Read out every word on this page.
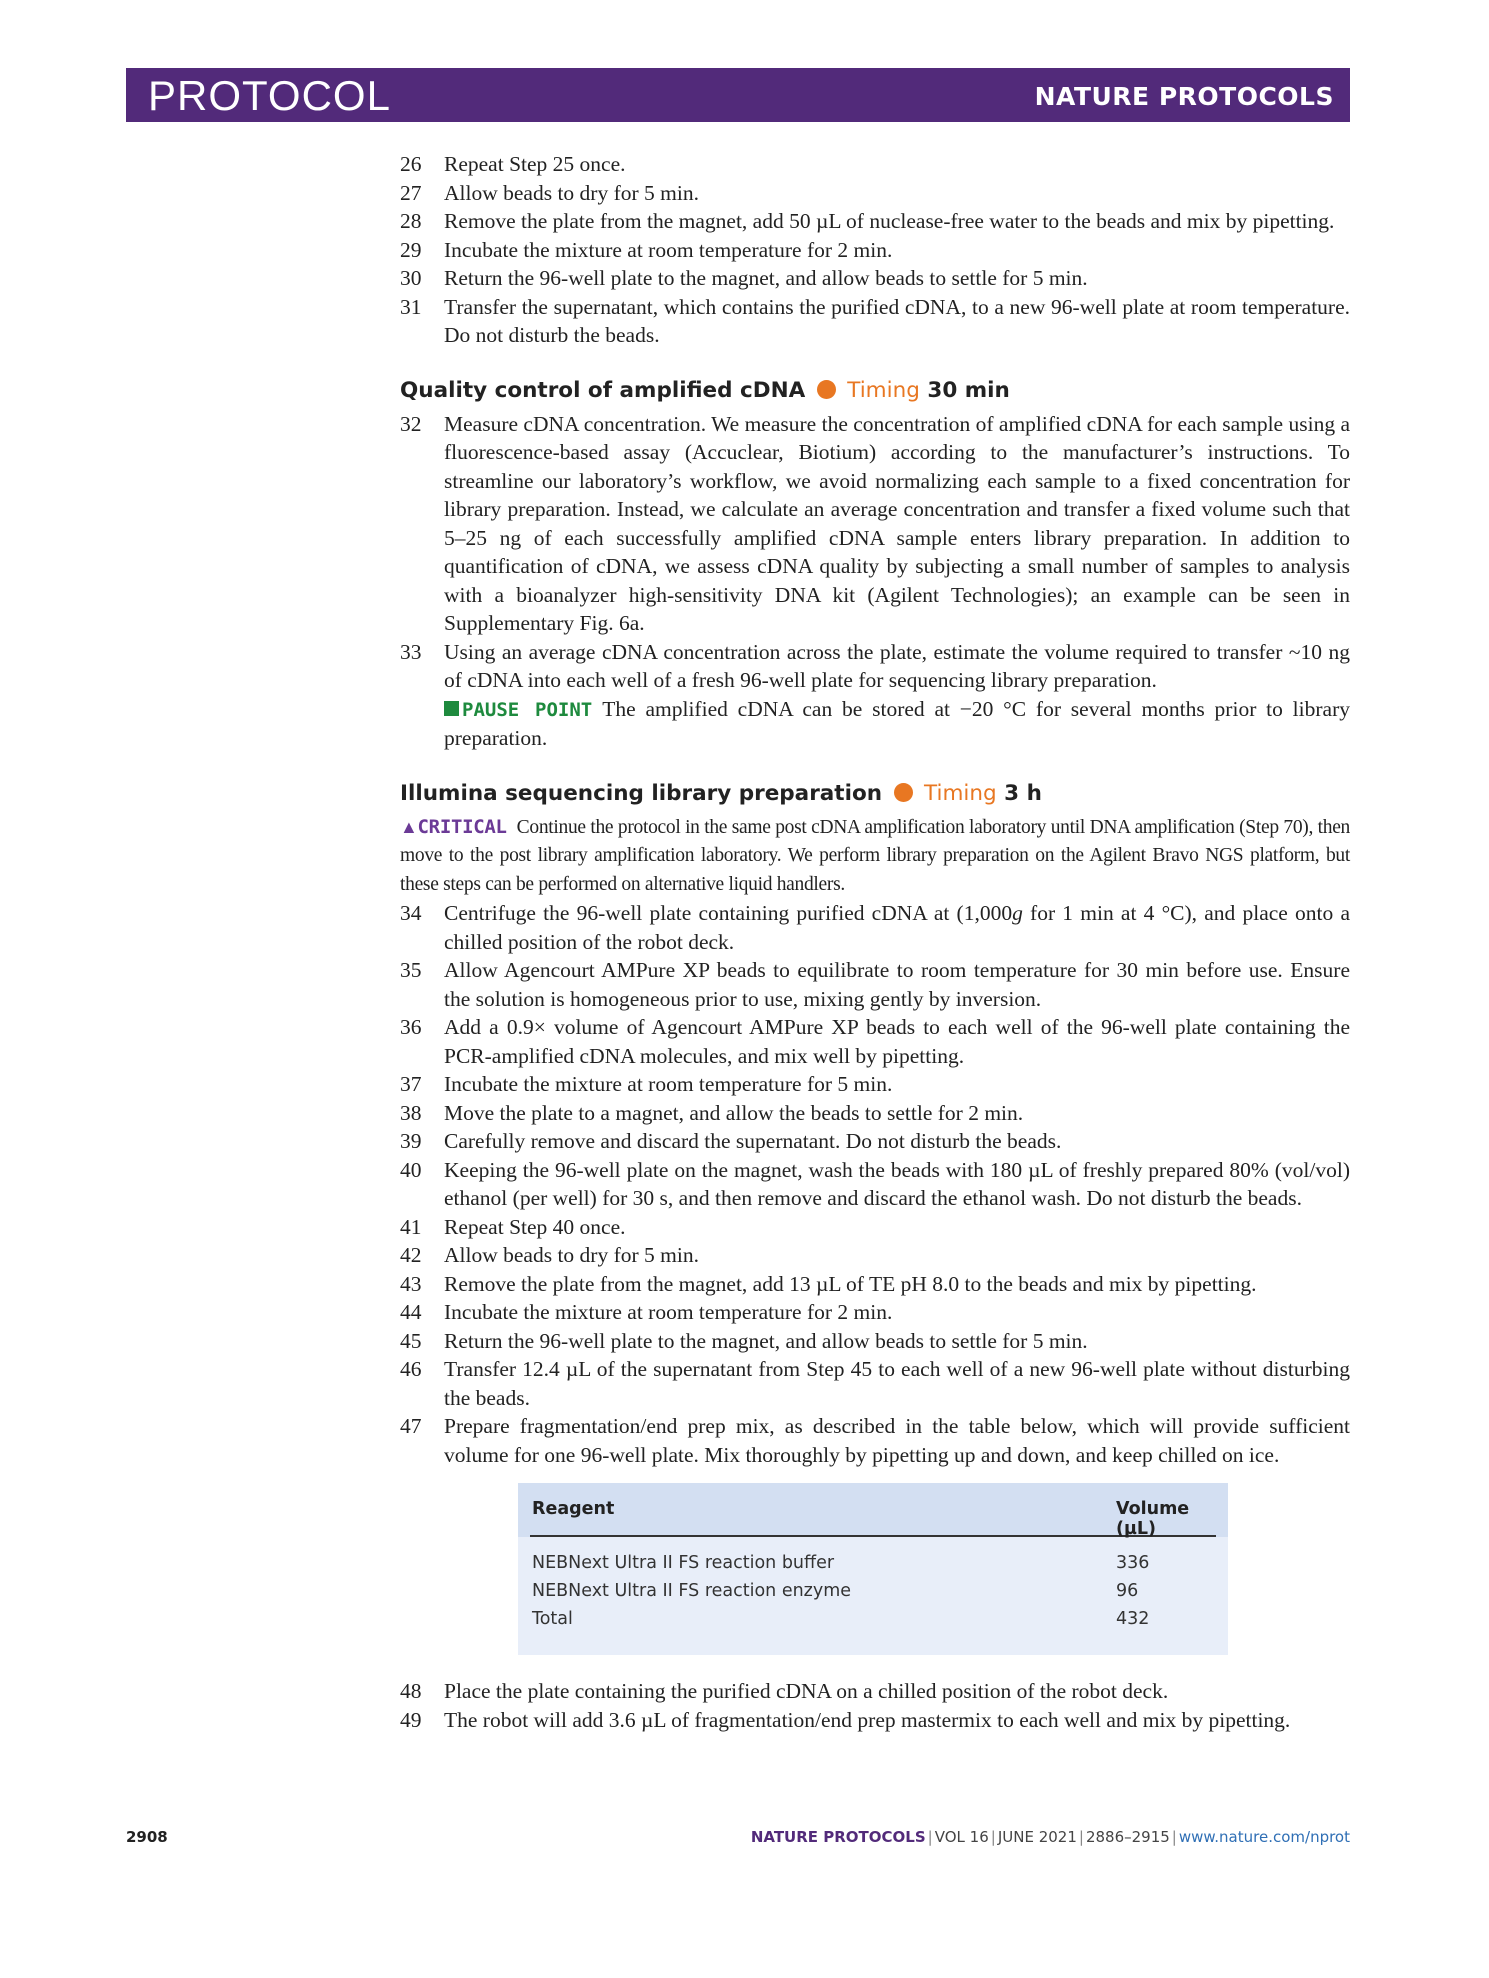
PROTOCOL	NATURE PROTOCOLS
26	Repeat Step 25 once.
27	Allow beads to dry for 5 min.
28	Remove the plate from the magnet, add 50 µL of nuclease-free water to the beads and mix by pipetting.
29	Incubate the mixture at room temperature for 2 min.
30	Return the 96-well plate to the magnet, and allow beads to settle for 5 min.
31	Transfer the supernatant, which contains the purified cDNA, to a new 96-well plate at room temperature. Do not disturb the beads.
Quality control of amplified cDNA Timing 30 min
32	Measure cDNA concentration. We measure the concentration of amplified cDNA for each sample using a fluorescence-based assay (Accuclear, Biotium) according to the manufacturer’s instructions. To streamline our laboratory’s workflow, we avoid normalizing each sample to a fixed concentration for library preparation. Instead, we calculate an average concentration and transfer a fixed volume such that 5–25 ng of each successfully amplified cDNA sample enters library preparation. In addition to quantification of cDNA, we assess cDNA quality by subjecting a small number of samples to analysis with a bioanalyzer high-sensitivity DNA kit (Agilent Technologies); an example can be seen in Supplementary Fig. 6a.
33	Using an average cDNA concentration across the plate, estimate the volume required to transfer ~10 ng of cDNA into each well of a fresh 96-well plate for sequencing library preparation.
PAUSE POINT The amplified cDNA can be stored at −20 °C for several months prior to library preparation.
Illumina sequencing library preparation Timing 3 h
▲CRITICAL Continue the protocol in the same post cDNA amplification laboratory until DNA amplification (Step 70), then move to the post library amplification laboratory. We perform library preparation on the Agilent Bravo NGS platform, but these steps can be performed on alternative liquid handlers.
34	Centrifuge the 96-well plate containing purified cDNA at (1,000g for 1 min at 4 °C), and place onto a chilled position of the robot deck.
35	Allow Agencourt AMPure XP beads to equilibrate to room temperature for 30 min before use. Ensure the solution is homogeneous prior to use, mixing gently by inversion.
36	Add a 0.9× volume of Agencourt AMPure XP beads to each well of the 96-well plate containing the PCR-amplified cDNA molecules, and mix well by pipetting.
37	Incubate the mixture at room temperature for 5 min.
38	Move the plate to a magnet, and allow the beads to settle for 2 min.
39	Carefully remove and discard the supernatant. Do not disturb the beads.
40	Keeping the 96-well plate on the magnet, wash the beads with 180 µL of freshly prepared 80% (vol/vol) ethanol (per well) for 30 s, and then remove and discard the ethanol wash. Do not disturb the beads.
41	Repeat Step 40 once.
42	Allow beads to dry for 5 min.
43	Remove the plate from the magnet, add 13 µL of TE pH 8.0 to the beads and mix by pipetting.
44	Incubate the mixture at room temperature for 2 min.
45	Return the 96-well plate to the magnet, and allow beads to settle for 5 min.
46	Transfer 12.4 µL of the supernatant from Step 45 to each well of a new 96-well plate without disturbing the beads.
47	Prepare fragmentation/end prep mix, as described in the table below, which will provide sufficient volume for one 96-well plate. Mix thoroughly by pipetting up and down, and keep chilled on ice.
Reagent	Volume (µL)
NEBNext Ultra II FS reaction buffer	336
NEBNext Ultra II FS reaction enzyme	96
Total	432
48	Place the plate containing the purified cDNA on a chilled position of the robot deck.
49	The robot will add 3.6 µL of fragmentation/end prep mastermix to each well and mix by pipetting.
2908	NATURE PROTOCOLS | VOL 16 | JUNE 2021 | 2886–2915 | www.nature.com/nprot
